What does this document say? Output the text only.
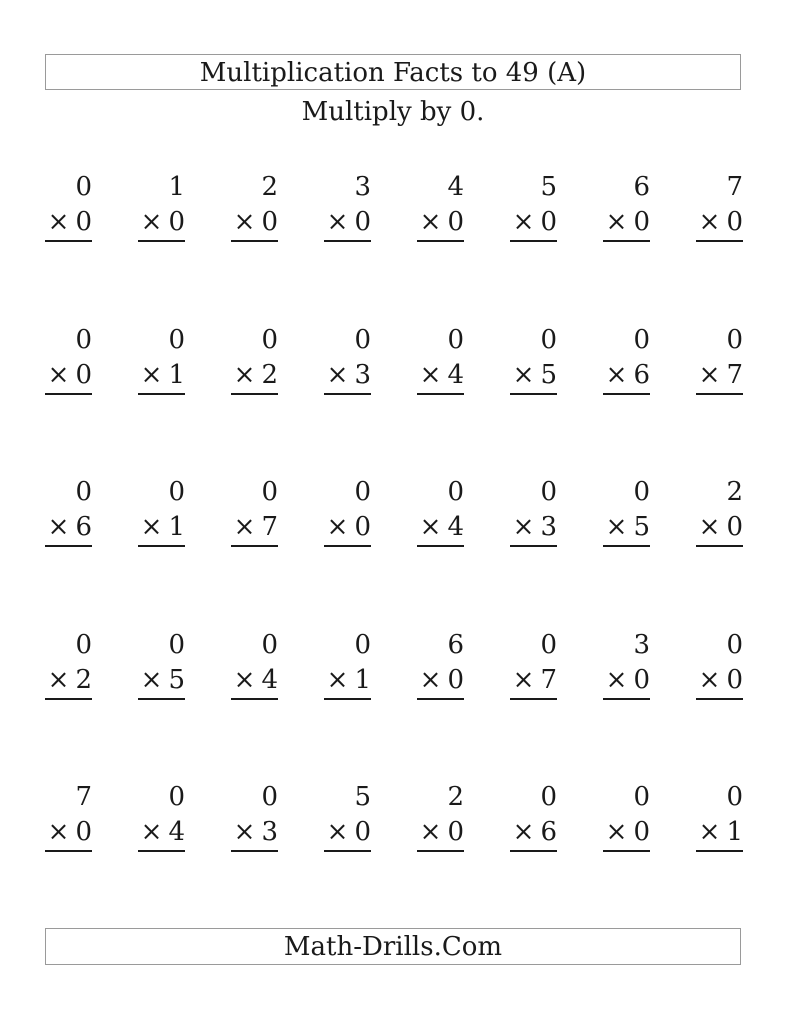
Multiplication Facts to 49 (A)
Multiply by 0.
0
× 0
1
× 0
2
× 0
3
× 0
4
× 0
5
× 0
6
× 0
7
× 0
0
× 0
0
× 1
0
× 2
0
× 3
0
× 4
0
× 5
0
× 6
0
× 7
0
× 6
0
× 1
0
× 7
0
× 0
0
× 4
0
× 3
0
× 5
2
× 0
0
× 2
0
× 5
0
× 4
0
× 1
6
× 0
0
× 7
3
× 0
0
× 0
7
× 0
0
× 4
0
× 3
5
× 0
2
× 0
0
× 6
0
× 0
0
× 1
Math-Drills.Com
